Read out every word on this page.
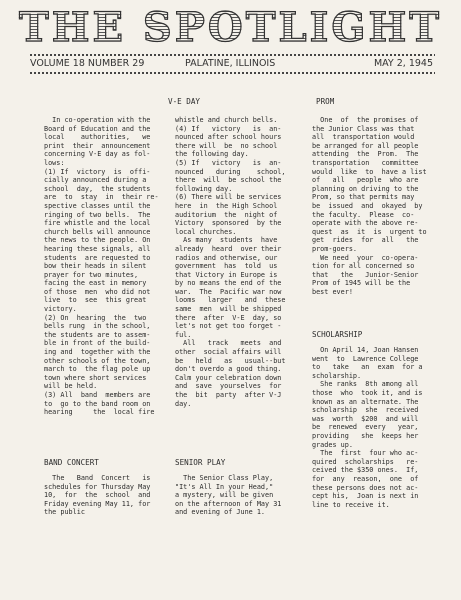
THE SPOTLIGHT
VOLUME 18 NUMBER 29	PALATINE, ILLINOIS	MAY 2, 1945
V-E DAY	PROM
In co-operation with the
Board of Education and the
local    authorities,   we
print  their  announcement
concerning V-E day as fol-
lows:
(1) If  victory  is  offi-
cially announced during a
school  day,  the students
are  to  stay  in  their re-
spective classes until the
ringing of two bells.  The
fire whistle and the local
church bells will announce
the news to the people. On
hearing these signals, all
students  are requested to
bow their heads in silent
prayer for two minutes,
facing the east in memory
of those  men  who did not
live  to  see  this great
victory.
(2) On  hearing  the  two
bells rung  in the school,
the students are to assem-
ble in front of the build-
ing and  together with the
other schools of the town,
march to  the flag pole up
town where short services
will be held.
(3) All  band  members are
to  go to the band room on
hearing     the  local fire
whistle and church bells.
(4) If   victory   is  an-
nounced after school hours
there will  be  no school
the following day.
(5) If   victory   is  an-
nounced   during    school,
there  will  be school the
following day.
(6) There will be services
here  in  the High School
auditorium  the  night of
Victory  sponsored  by the
local churches.
As many  students  have
already  heard  over their
radios and otherwise, our
government  has  told  us
that Victory in Europe is
by no means the end of the
war.  The  Pacific war now
looms   larger   and  these
same  men  will be shipped
there  after  V-E  day, so
let's not get too forget -
ful.
All   track   meets  and
other  social affairs will
be   held   as   usual--but
don't overdo a good thing.
Calm your celebration down
and  save  yourselves  for
the  bit  party  after V-J
day.
One  of  the promises of
the Junior Class was that
all  transportation would
be arranged for all people
attending  the  Prom.  The
transportation   committee
would  like  to  have a list
of   all   people  who are
planning on driving to the
Prom, so that permits may
be  issued  and  okayed  by
the faculty.  Please  co-
operate with the above re-
quest  as  it  is  urgent to
get  rides  for  all   the
prom-goers.
We need  your  co-opera-
tion for all concerned so
that   the   Junior-Senior
Prom of 1945 will be the
best ever!
SCHOLARSHIP
On April 14, Joan Hansen
went  to  Lawrence College
to   take   an  exam  for a
scholarship.
She ranks  8th among all
those  who  took it, and is
known as an alternate. The
scholarship  she  received
was  worth  $200  and will
be  renewed  every   year,
providing   she  keeps her
grades up.
The  first  four who ac-
quired  scholarships   re-
ceived the $350 ones.  If,
for  any  reason,  one  of
these persons does not ac-
cept his,  Joan is next in
line to receive it.
BAND CONCERT
The   Band  Concert   is
schedules for Thursday May
10,  for  the  school  and
Friday evening May 11, for
the public
SENIOR PLAY
The Senior Class Play,
"It's All In your Head,"
a mystery, will be given
on the afternoon of May 31
and evening of June 1.
